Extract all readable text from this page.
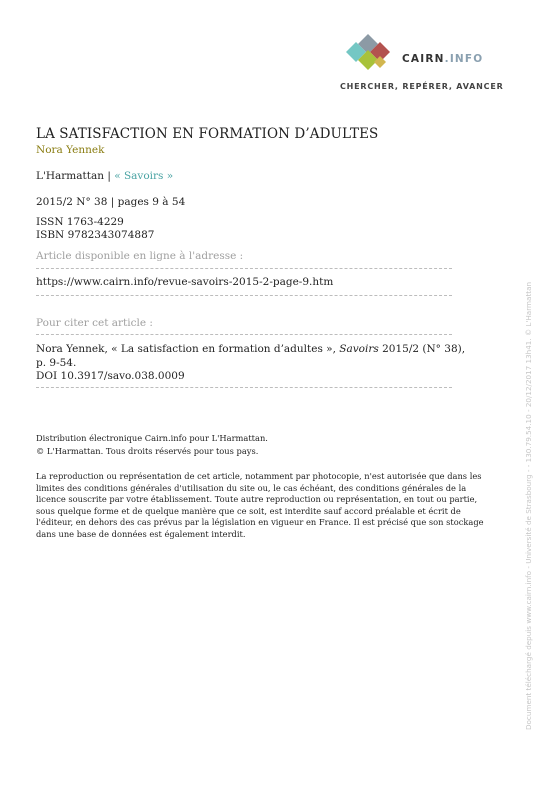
CAIRN.INFO
CHERCHER, REPÉRER, AVANCER
LA SATISFACTION EN FORMATION D’ADULTES
Nora Yennek
L'Harmattan | « Savoirs »
2015/2 N° 38 | pages 9 à 54
ISSN 1763-4229
ISBN 9782343074887
Article disponible en ligne à l'adresse :
https://www.cairn.info/revue-savoirs-2015-2-page-9.htm
Pour citer cet article :
Nora Yennek, « La satisfaction en formation d’adultes », Savoirs 2015/2 (N° 38), p. 9-54.
DOI 10.3917/savo.038.0009
Distribution électronique Cairn.info pour L'Harmattan.
© L'Harmattan. Tous droits réservés pour tous pays.
La reproduction ou représentation de cet article, notamment par photocopie, n'est autorisée que dans les limites des conditions générales d'utilisation du site ou, le cas échéant, des conditions générales de la licence souscrite par votre établissement. Toute autre reproduction ou représentation, en tout ou partie, sous quelque forme et de quelque manière que ce soit, est interdite sauf accord préalable et écrit de l'éditeur, en dehors des cas prévus par la législation en vigueur en France. Il est précisé que son stockage dans une base de données est également interdit.	Document téléchargé depuis www.cairn.info - Université de Strasbourg - - 130.79.54.10 - 20/12/2017 13h41. © L'Harmattan
